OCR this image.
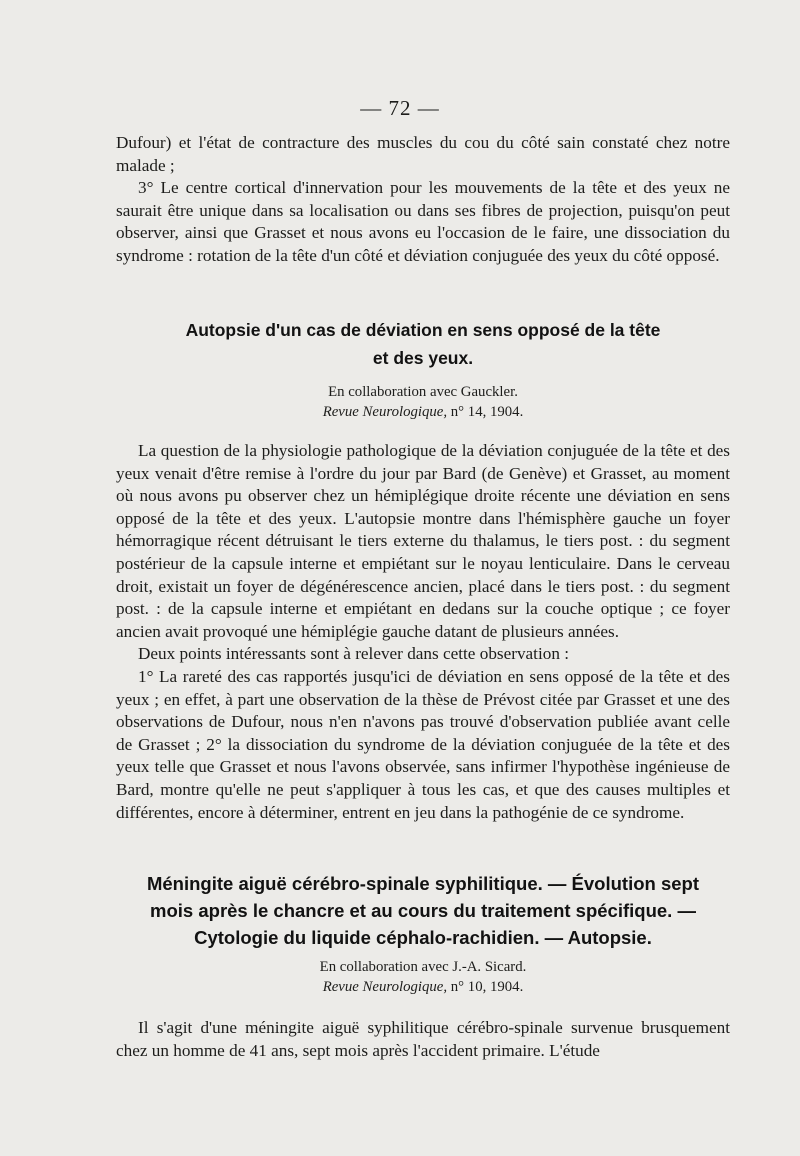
— 72 —

Dufour) et l'état de contracture des muscles du cou du côté sain constaté chez notre malade ;

3° Le centre cortical d'innervation pour les mouvements de la tête et des yeux ne saurait être unique dans sa localisation ou dans ses fibres de projection, puisqu'on peut observer, ainsi que Grasset et nous avons eu l'occasion de le faire, une dissociation du syndrome : rotation de la tête d'un côté et déviation conjuguée des yeux du côté opposé.

Autopsie d'un cas de déviation en sens opposé de la tête
et des yeux.

En collaboration avec Gauckler.

Revue Neurologique, n° 14, 1904.

La question de la physiologie pathologique de la déviation conjuguée de la tête et des yeux venait d'être remise à l'ordre du jour par Bard (de Genève) et Grasset, au moment où nous avons pu observer chez un hémiplégique droite récente une déviation en sens opposé de la tête et des yeux. L'autopsie montre dans l'hémisphère gauche un foyer hémorragique récent détruisant le tiers externe du thalamus, le tiers post. : du segment postérieur de la capsule interne et empiétant sur le noyau lenticulaire. Dans le cerveau droit, existait un foyer de dégénérescence ancien, placé dans le tiers post. : du segment post. : de la capsule interne et empiétant en dedans sur la couche optique ; ce foyer ancien avait provoqué une hémiplégie gauche datant de plusieurs années.

Deux points intéressants sont à relever dans cette observation :

1° La rareté des cas rapportés jusqu'ici de déviation en sens opposé de la tête et des yeux ; en effet, à part une observation de la thèse de Prévost citée par Grasset et une des observations de Dufour, nous n'en n'avons pas trouvé d'observation publiée avant celle de Grasset ; 2° la dissociation du syndrome de la déviation conjuguée de la tête et des yeux telle que Grasset et nous l'avons observée, sans infirmer l'hypothèse ingénieuse de Bard, montre qu'elle ne peut s'appliquer à tous les cas, et que des causes multiples et différentes, encore à déterminer, entrent en jeu dans la pathogénie de ce syndrome.

Méningite aiguë cérébro-spinale syphilitique. — Évolution sept
mois après le chancre et au cours du traitement spécifique. —
Cytologie du liquide céphalo-rachidien. — Autopsie.

En collaboration avec J.-A. Sicard.

Revue Neurologique, n° 10, 1904.

Il s'agit d'une méningite aiguë syphilitique cérébro-spinale survenue brusquement chez un homme de 41 ans, sept mois après l'accident primaire. L'étude
